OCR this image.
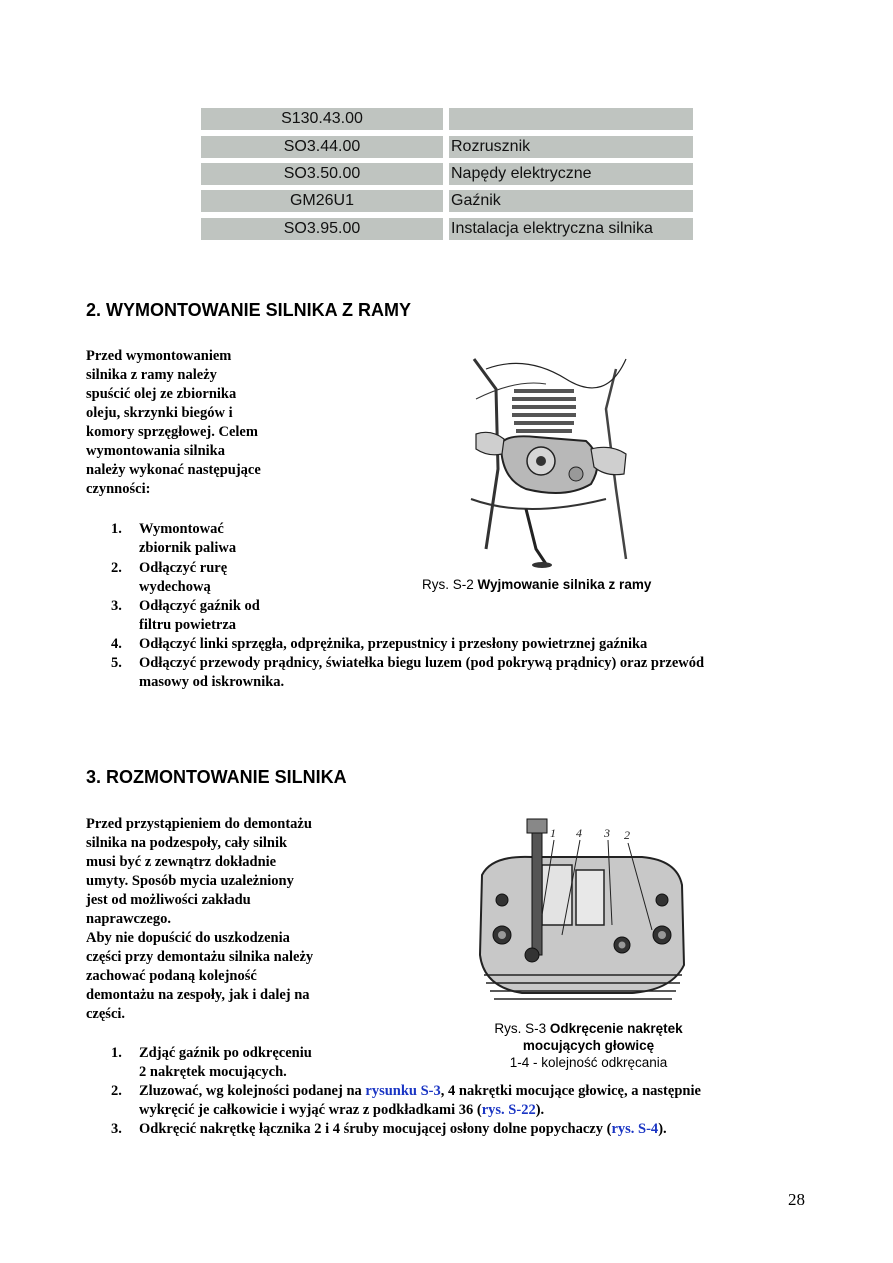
S130.43.00
SO3.44.00	Rozrusznik
SO3.50.00	Napędy elektryczne
GM26U1	Gaźnik
SO3.95.00	Instalacja elektryczna silnika
2. WYMONTOWANIE SILNIKA Z RAMY
Przed wymontowaniem
silnika z ramy należy
spuścić olej ze zbiornika
oleju, skrzynki biegów i
komory sprzęgłowej. Celem
wymontowania silnika
należy wykonać następujące
czynności:
Rys. S-2 Wyjmowanie silnika z ramy
1. Wymontować
zbiornik paliwa
2. Odłączyć rurę
wydechową
3. Odłączyć gaźnik od
filtru powietrza
4. Odłączyć linki sprzęgła, odprężnika, przepustnicy i przesłony powietrznej gaźnika
5. Odłączyć przewody prądnicy, światełka biegu luzem (pod pokrywą prądnicy) oraz przewód
masowy od iskrownika.
3. ROZMONTOWANIE SILNIKA
Przed przystąpieniem do demontażu
silnika na podzespoły, cały silnik
musi być z zewnątrz dokładnie
umyty. Sposób mycia uzależniony
jest od możliwości zakładu
naprawczego.
Aby nie dopuścić do uszkodzenia
części przy demontażu silnika należy
zachować podaną kolejność
demontażu na zespoły, jak i dalej na
części.
1 4 3 2
Rys. S-3 Odkręcenie nakrętek
mocujących głowicę
1-4 - kolejność odkręcania
1. Zdjąć gaźnik po odkręceniu
2 nakrętek mocujących.
2. Zluzować, wg kolejności podanej na rysunku S-3, 4 nakrętki mocujące głowicę, a następnie
wykręcić je całkowicie i wyjąć wraz z podkładkami 36 (rys. S-22).
3. Odkręcić nakrętkę łącznika 2 i 4 śruby mocującej osłony dolne popychaczy (rys. S-4).
28
